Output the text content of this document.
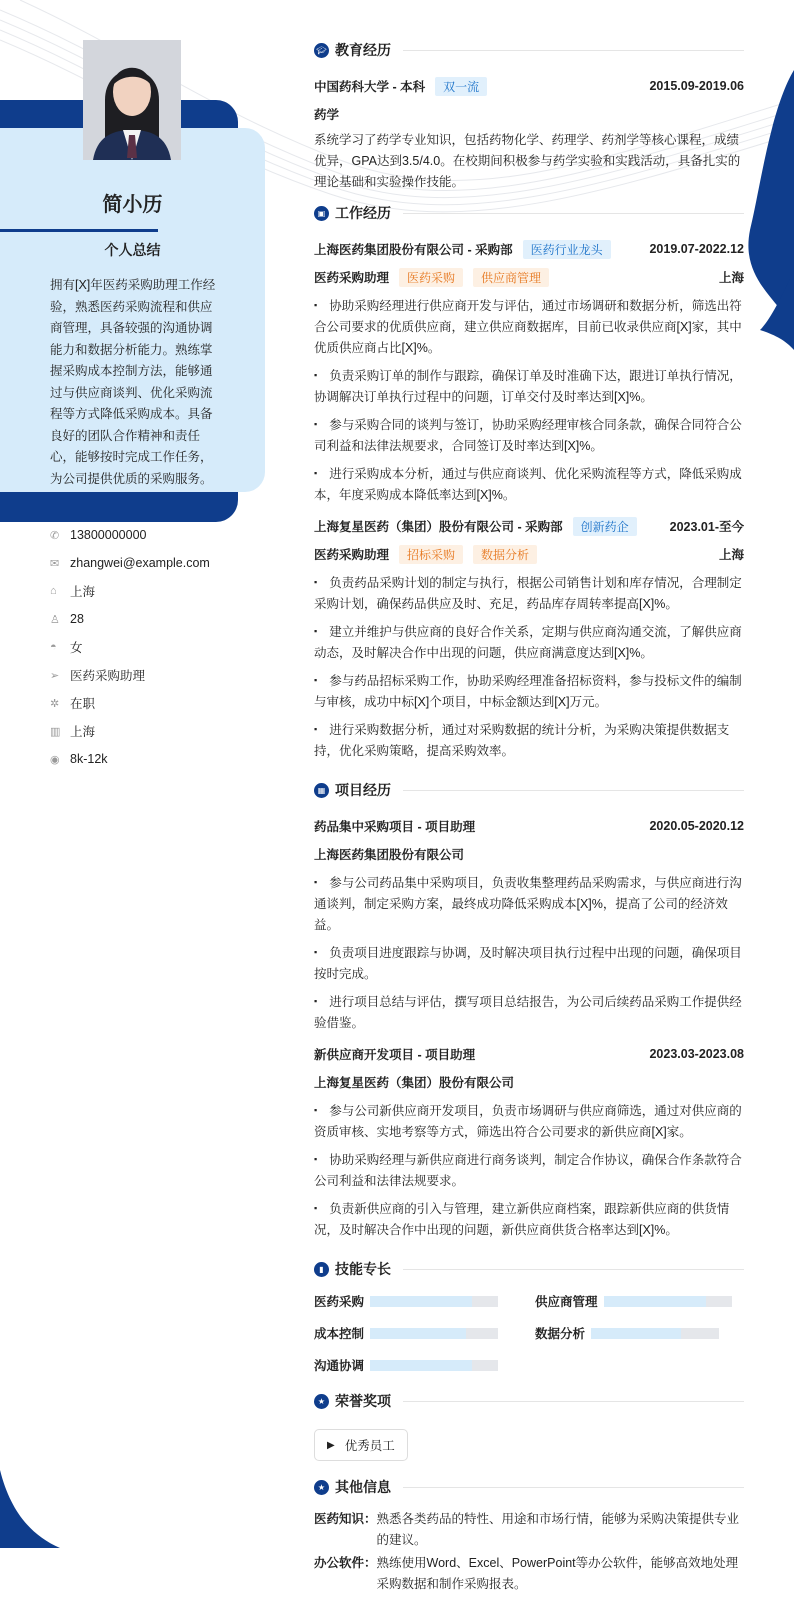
简小历
个人总结
拥有[X]年医药采购助理工作经验，熟悉医药采购流程和供应商管理，具备较强的沟通协调能力和数据分析能力。熟练掌握采购成本控制方法，能够通过与供应商谈判、优化采购流程等方式降低采购成本。具备良好的团队合作精神和责任心，能够按时完成工作任务，为公司提供优质的采购服务。
✆ 13800000000
✉ zhangwei@example.com
⌂	上海
♙ 28
◓	女
➢ 医药采购助理
✲ 在职
▥ 上海
◉ 8k-12k
🎓︎ 教育经历
中国药科大学 - 本科	双一流	2015.09-2019.06
药学

系统学习了药学专业知识，包括药物化学、药理学、药剂学等核心课程，成绩优异，GPA达到3.5/4.0。在校期间积极参与药学实验和实践活动，具备扎实的理论基础和实验操作技能。

▣ 工作经历
上海医药集团股份有限公司 - 采购部	医药行业龙头	2019.07-2022.12
医药采购助理	医药采购	供应商管理	上海
▪ 协助采购经理进行供应商开发与评估，通过市场调研和数据分析，筛选出符合公司要求的优质供应商，建立供应商数据库，目前已收录供应商[X]家，其中优质供应商占比[X]%。
▪ 负责采购订单的制作与跟踪，确保订单及时准确下达，跟进订单执行情况，协调解决订单执行过程中的问题，订单交付及时率达到[X]%。
▪ 参与采购合同的谈判与签订，协助采购经理审核合同条款，确保合同符合公司利益和法律法规要求，合同签订及时率达到[X]%。
▪ 进行采购成本分析，通过与供应商谈判、优化采购流程等方式，降低采购成本，年度采购成本降低率达到[X]%。
上海复星医药（集团）股份有限公司 - 采购部	创新药企	2023.01-至今
医药采购助理	招标采购	数据分析	上海
▪ 负责药品采购计划的制定与执行，根据公司销售计划和库存情况，合理制定采购计划，确保药品供应及时、充足，药品库存周转率提高[X]%。
▪ 建立并维护与供应商的良好合作关系，定期与供应商沟通交流，了解供应商动态，及时解决合作中出现的问题，供应商满意度达到[X]%。
▪ 参与药品招标采购工作，协助采购经理准备招标资料，参与投标文件的编制与审核，成功中标[X]个项目，中标金额达到[X]万元。
▪ 进行采购数据分析，通过对采购数据的统计分析，为采购决策提供数据支持，优化采购策略，提高采购效率。
▦ 项目经历
药品集中采购项目 - 项目助理	2020.05-2020.12
上海医药集团股份有限公司
▪ 参与公司药品集中采购项目，负责收集整理药品采购需求，与供应商进行沟通谈判，制定采购方案，最终成功降低采购成本[X]%，提高了公司的经济效益。
▪ 负责项目进度跟踪与协调，及时解决项目执行过程中出现的问题，确保项目按时完成。
▪ 进行项目总结与评估，撰写项目总结报告，为公司后续药品采购工作提供经验借鉴。
新供应商开发项目 - 项目助理	2023.03-2023.08
上海复星医药（集团）股份有限公司
▪ 参与公司新供应商开发项目，负责市场调研与供应商筛选，通过对供应商的资质审核、实地考察等方式，筛选出符合公司要求的新供应商[X]家。
▪ 协助采购经理与新供应商进行商务谈判，制定合作协议，确保合作条款符合公司利益和法律法规要求。
▪ 负责新供应商的引入与管理，建立新供应商档案，跟踪新供应商的供货情况，及时解决合作中出现的问题，新供应商供货合格率达到[X]%。
▮ 技能专长
医药采购	供应商管理
成本控制	数据分析
沟通协调
★ 荣誉奖项
▶ 优秀员工
★ 其他信息
医药知识： 熟悉各类药品的特性、用途和市场行情，能够为采购决策提供专业的建议。
办公软件： 熟练使用Word、Excel、PowerPoint等办公软件，能够高效地处理采购数据和制作采购报表。
